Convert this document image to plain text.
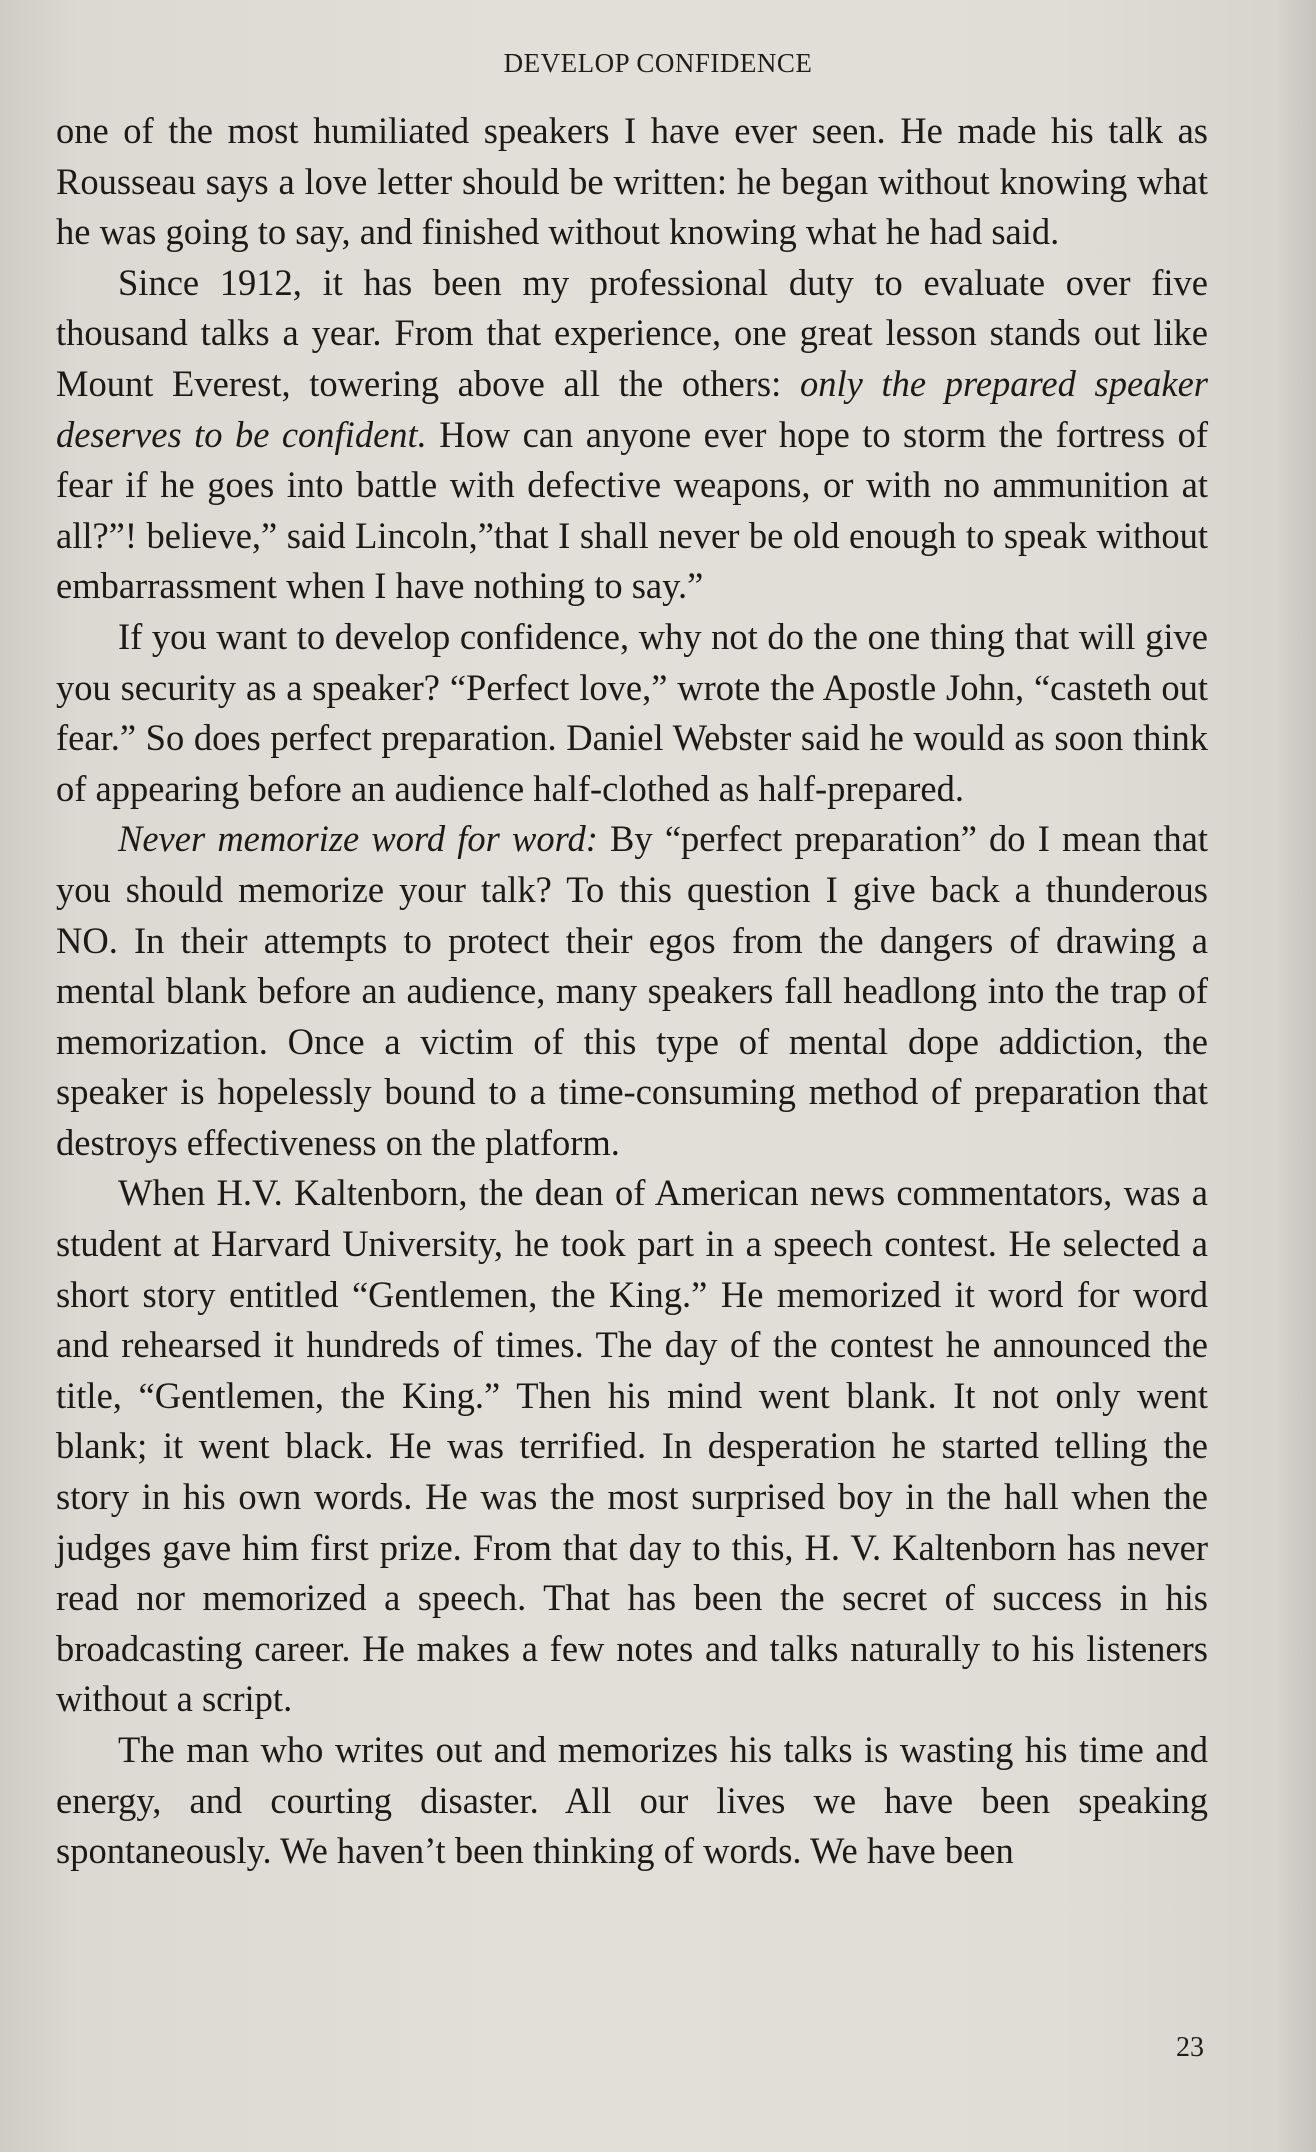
DEVELOP CONFIDENCE

one of the most humiliated speakers I have ever seen. He made his talk as Rousseau says a love letter should be written: he began without knowing what he was going to say, and finished without knowing what he had said.

Since 1912, it has been my professional duty to evaluate over five thousand talks a year. From that experience, one great lesson stands out like Mount Everest, towering above all the others: only the prepared speaker deserves to be confident. How can anyone ever hope to storm the fortress of fear if he goes into battle with defective weapons, or with no ammunition at all?”! believe,” said Lincoln,”that I shall never be old enough to speak without embarrassment when I have nothing to say.”

If you want to develop confidence, why not do the one thing that will give you security as a speaker? “Perfect love,” wrote the Apostle John, “casteth out fear.” So does perfect preparation. Daniel Webster said he would as soon think of appearing before an audience half-clothed as half-prepared.

Never memorize word for word: By “perfect preparation” do I mean that you should memorize your talk? To this question I give back a thunderous NO. In their attempts to protect their egos from the dangers of drawing a mental blank before an audience, many speakers fall headlong into the trap of memorization. Once a victim of this type of mental dope addiction, the speaker is hopelessly bound to a time-consuming method of preparation that destroys effectiveness on the platform.

When H.V. Kaltenborn, the dean of American news commentators, was a student at Harvard University, he took part in a speech contest. He selected a short story entitled “Gentlemen, the King.” He memorized it word for word and rehearsed it hundreds of times. The day of the contest he announced the title, “Gentlemen, the King.” Then his mind went blank. It not only went blank; it went black. He was terrified. In desperation he started telling the story in his own words. He was the most surprised boy in the hall when the judges gave him first prize. From that day to this, H. V. Kaltenborn has never read nor memorized a speech. That has been the secret of success in his broadcasting career. He makes a few notes and talks naturally to his listeners without a script.

The man who writes out and memorizes his talks is wasting his time and energy, and courting disaster. All our lives we have been speaking spontaneously. We haven’t been thinking of words. We have been

23
